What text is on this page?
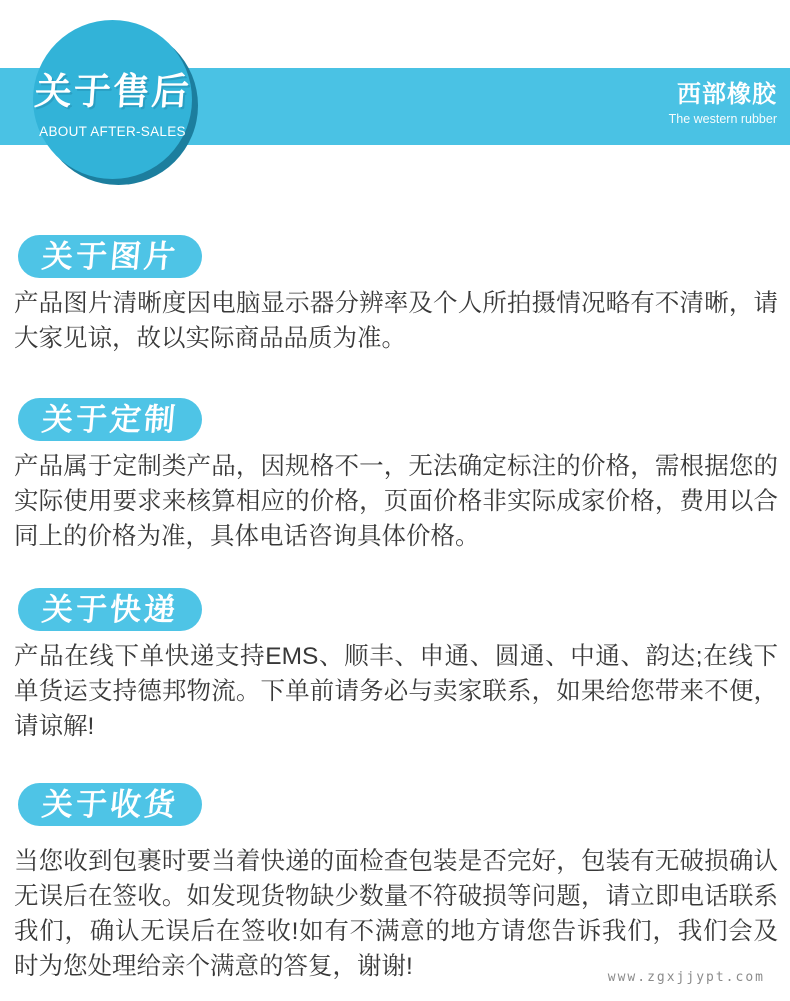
西部橡胶
The western rubber
关于售后
ABOUT AFTER-SALES
关于图片

产品图片清晰度因电脑显示器分辨率及个人所拍摄情况略有不清晰，请大家见谅，故以实际商品品质为准。

关于定制

产品属于定制类产品，因规格不一，无法确定标注的价格，需根据您的实际使用要求来核算相应的价格，页面价格非实际成家价格，费用以合同上的价格为准，具体电话咨询具体价格。

关于快递

产品在线下单快递支持EMS、顺丰、申通、圆通、中通、韵达;在线下单货运支持德邦物流。下单前请务必与卖家联系，如果给您带来不便，请谅解!

关于收货

当您收到包裹时要当着快递的面检查包装是否完好，包装有无破损确认无误后在签收。如发现货物缺少数量不符破损等问题，请立即电话联系我们，确认无误后在签收!如有不满意的地方请您告诉我们，我们会及时为您处理给亲个满意的答复，谢谢!	www.zgxjjypt.com
